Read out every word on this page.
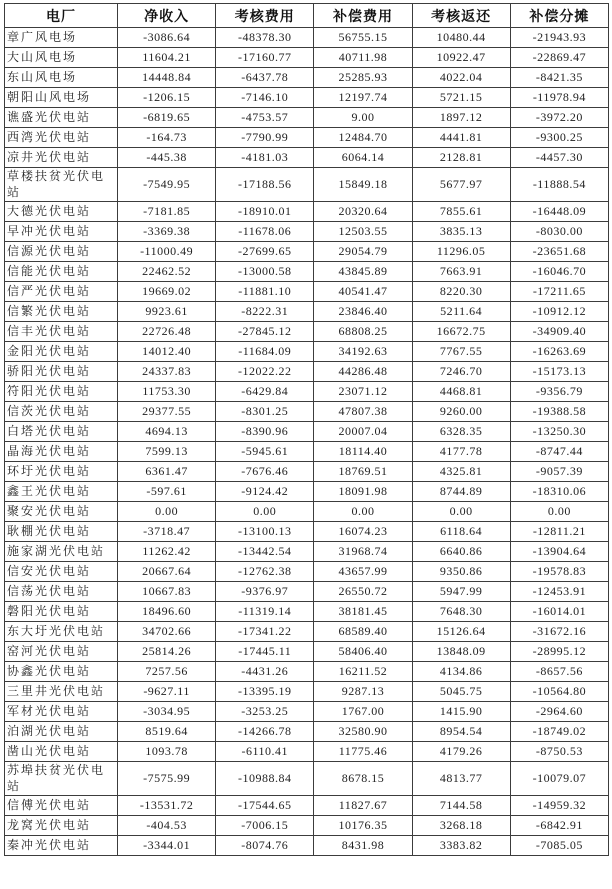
电厂	净收入	考核费用	补偿费用	考核返还	补偿分摊
章广风电场	-3086.64	-48378.30	56755.15	10480.44	-21943.93
大山风电场	11604.21	-17160.77	40711.98	10922.47	-22869.47
东山风电场	14448.84	-6437.78	25285.93	4022.04	-8421.35
朝阳山风电场	-1206.15	-7146.10	12197.74	5721.15	-11978.94
谯盛光伏电站	-6819.65	-4753.57	9.00	1897.12	-3972.20
西湾光伏电站	-164.73	-7790.99	12484.70	4441.81	-9300.25
凉井光伏电站	-445.38	-4181.03	6064.14	2128.81	-4457.30
草楼扶贫光伏电站	-7549.95	-17188.56	15849.18	5677.97	-11888.54
大德光伏电站	-7181.85	-18910.01	20320.64	7855.61	-16448.09
早冲光伏电站	-3369.38	-11678.06	12503.55	3835.13	-8030.00
信源光伏电站	-11000.49	-27699.65	29054.79	11296.05	-23651.68
信能光伏电站	22462.52	-13000.58	43845.89	7663.91	-16046.70
信严光伏电站	19669.02	-11881.10	40541.47	8220.30	-17211.65
信繁光伏电站	9923.61	-8222.31	23846.40	5211.64	-10912.12
信丰光伏电站	22726.48	-27845.12	68808.25	16672.75	-34909.40
金阳光伏电站	14012.40	-11684.09	34192.63	7767.55	-16263.69
骄阳光伏电站	24337.83	-12022.22	44286.48	7246.70	-15173.13
符阳光伏电站	11753.30	-6429.84	23071.12	4468.81	-9356.79
信茨光伏电站	29377.55	-8301.25	47807.38	9260.00	-19388.58
白塔光伏电站	4694.13	-8390.96	20007.04	6328.35	-13250.30
晶海光伏电站	7599.13	-5945.61	18114.40	4177.78	-8747.44
环圩光伏电站	6361.47	-7676.46	18769.51	4325.81	-9057.39
鑫王光伏电站	-597.61	-9124.42	18091.98	8744.89	-18310.06
聚安光伏电站	0.00	0.00	0.00	0.00	0.00
耿棚光伏电站	-3718.47	-13100.13	16074.23	6118.64	-12811.21
施家湖光伏电站	11262.42	-13442.54	31968.74	6640.86	-13904.64
信安光伏电站	20667.64	-12762.38	43657.99	9350.86	-19578.83
信荡光伏电站	10667.83	-9376.97	26550.72	5947.99	-12453.91
磐阳光伏电站	18496.60	-11319.14	38181.45	7648.30	-16014.01
东大圩光伏电站	34702.66	-17341.22	68589.40	15126.64	-31672.16
窑河光伏电站	25814.26	-17445.11	58406.40	13848.09	-28995.12
协鑫光伏电站	7257.56	-4431.26	16211.52	4134.86	-8657.56
三里井光伏电站	-9627.11	-13395.19	9287.13	5045.75	-10564.80
军材光伏电站	-3034.95	-3253.25	1767.00	1415.90	-2964.60
泊湖光伏电站	8519.64	-14266.78	32580.90	8954.54	-18749.02
凿山光伏电站	1093.78	-6110.41	11775.46	4179.26	-8750.53
苏埠扶贫光伏电站	-7575.99	-10988.84	8678.15	4813.77	-10079.07
信傅光伏电站	-13531.72	-17544.65	11827.67	7144.58	-14959.32
龙窝光伏电站	-404.53	-7006.15	10176.35	3268.18	-6842.91
秦冲光伏电站	-3344.01	-8074.76	8431.98	3383.82	-7085.05
